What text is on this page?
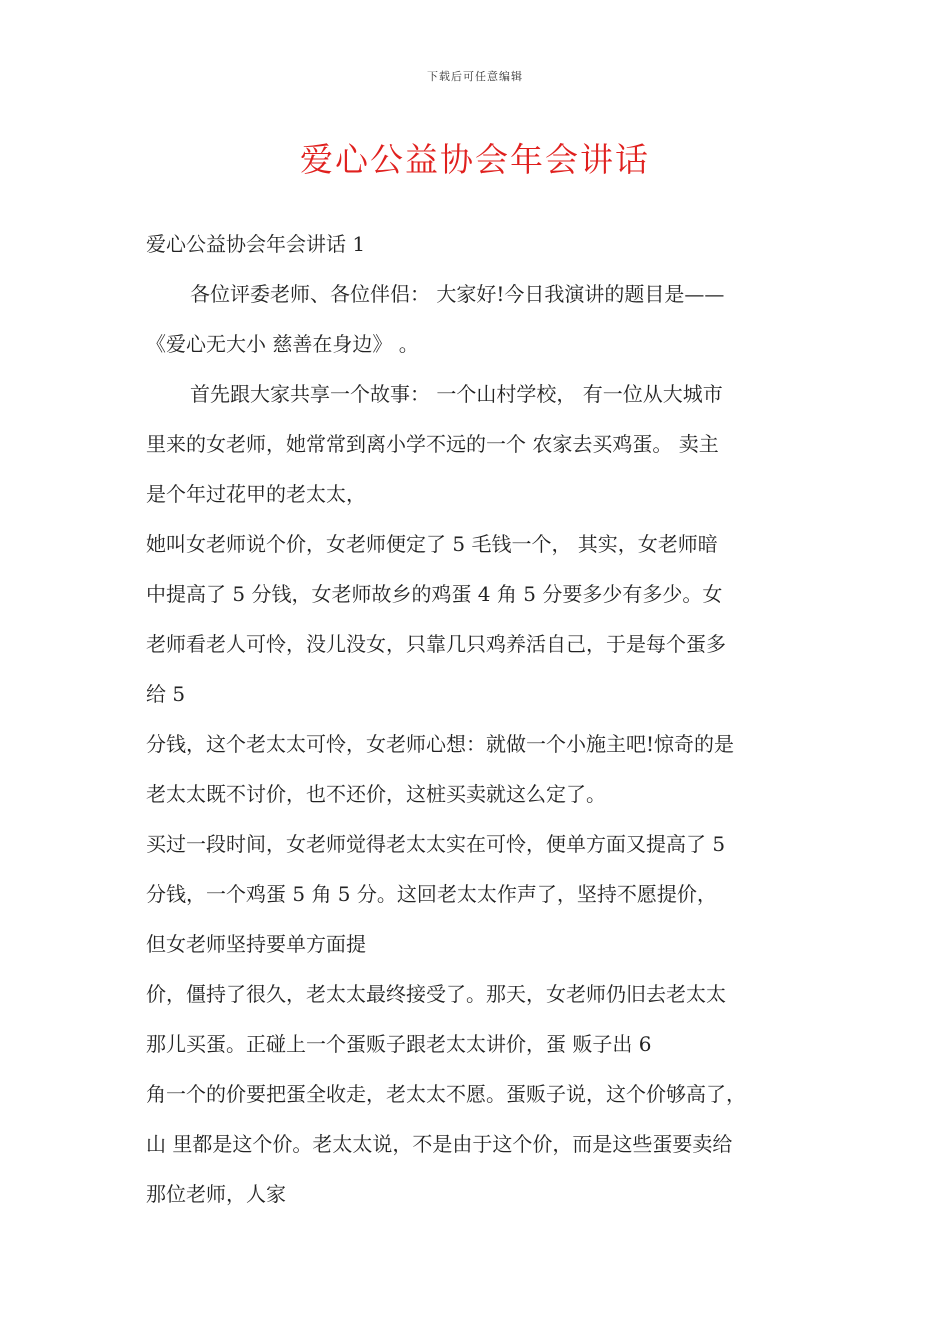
下载后可任意编辑
爱心公益协会年会讲话
爱心公益协会年会讲话 1
各位评委老师、各位伴侣： 大家好!今日我演讲的题目是——
《爱心无大小 慈善在身边》 。
首先跟大家共享一个故事： 一个山村学校， 有一位从大城市
里来的女老师，她常常到离小学不远的一个 农家去买鸡蛋。 卖主
是个年过花甲的老太太，
她叫女老师说个价，女老师便定了 5 毛钱一个， 其实，女老师暗
中提高了 5 分钱，女老师故乡的鸡蛋 4 角 5 分要多少有多少。女
老师看老人可怜，没儿没女，只靠几只鸡养活自己，于是每个蛋多
给 5
分钱，这个老太太可怜，女老师心想：就做一个小施主吧!惊奇的是
老太太既不讨价，也不还价，这桩买卖就这么定了。
买过一段时间，女老师觉得老太太实在可怜，便单方面又提高了 5
分钱，一个鸡蛋 5 角 5 分。这回老太太作声了，坚持不愿提价，
但女老师坚持要单方面提
价，僵持了很久，老太太最终接受了。那天，女老师仍旧去老太太
那儿买蛋。正碰上一个蛋贩子跟老太太讲价，蛋 贩子出 6
角一个的价要把蛋全收走，老太太不愿。蛋贩子说，这个价够高了，
山 里都是这个价。老太太说，不是由于这个价，而是这些蛋要卖给
那位老师，人家
